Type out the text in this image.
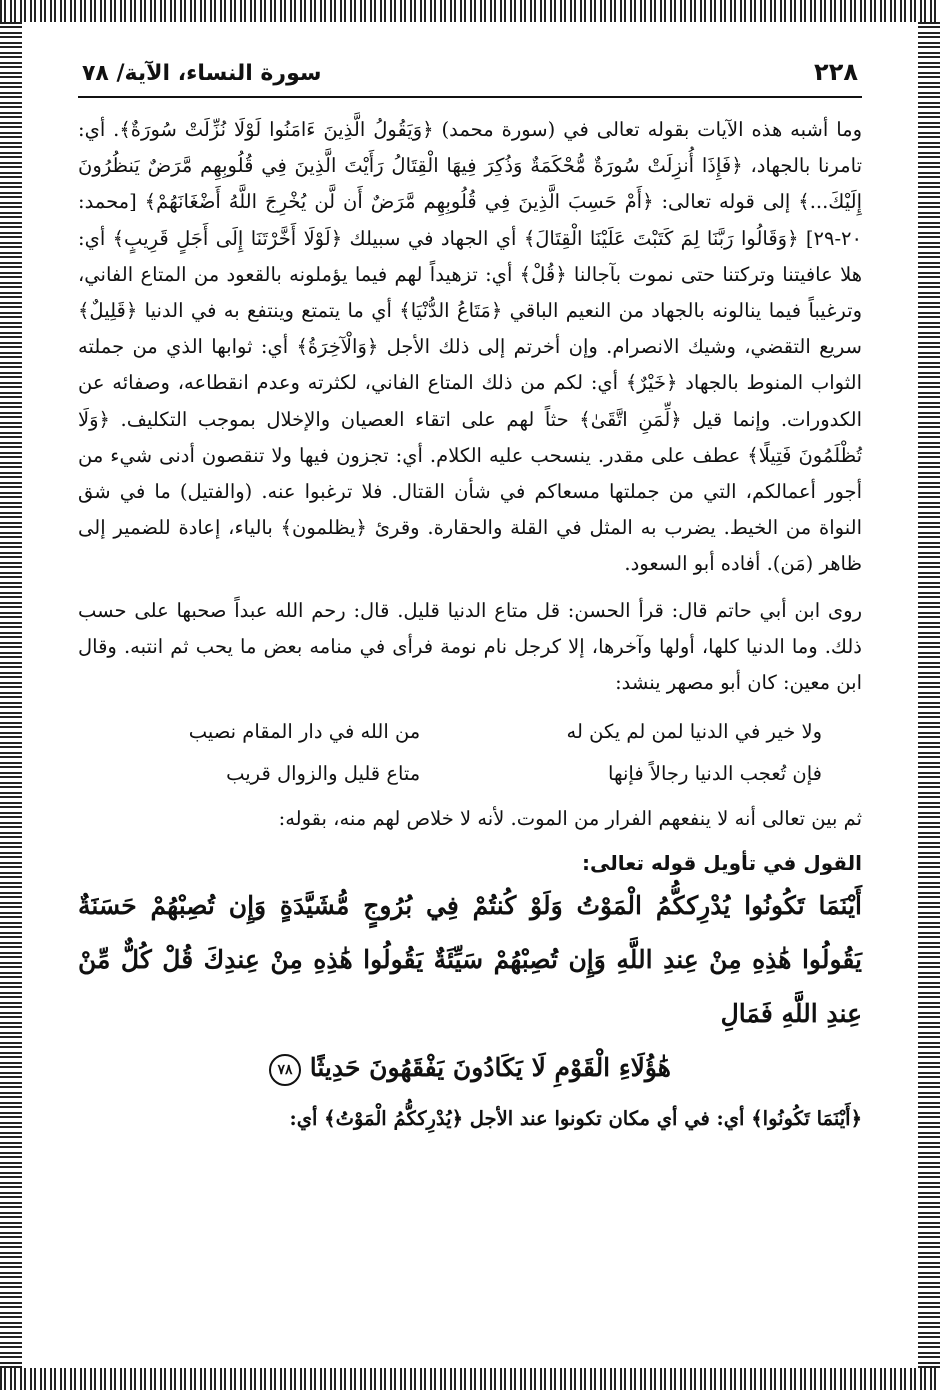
٢٢٨
سورة النساء، الآية/ ٧٨

وما أشبه هذه الآيات بقوله تعالى في (سورة محمد) ﴿وَيَقُولُ الَّذِينَ ءَامَنُوا لَوْلَا نُزِّلَتْ سُورَةٌ﴾. أي: تامرنا بالجهاد، ﴿فَإِذَا أُنزِلَتْ سُورَةٌ مُّحْكَمَةٌ وَذُكِرَ فِيهَا الْقِتَالُ رَأَيْتَ الَّذِينَ فِي قُلُوبِهِم مَّرَضٌ يَنظُرُونَ إِلَيْكَ...﴾ إلى قوله تعالى: ﴿أَمْ حَسِبَ الَّذِينَ فِي قُلُوبِهِم مَّرَضٌ أَن لَّن يُخْرِجَ اللَّهُ أَضْغَانَهُمْ﴾ [محمد: ٢٠-٢٩] ﴿وَقَالُوا رَبَّنَا لِمَ كَتَبْتَ عَلَيْنَا الْقِتَالَ﴾ أي الجهاد في سبيلك ﴿لَوْلَا أَخَّرْتَنَا إِلَى أَجَلٍ قَرِيبٍ﴾ أي: هلا عافيتنا وتركتنا حتى نموت بآجالنا ﴿قُلْ﴾ أي: تزهيداً لهم فيما يؤملونه بالقعود من المتاع الفاني، وترغيباً فيما ينالونه بالجهاد من النعيم الباقي ﴿مَتَاعُ الدُّنْيَا﴾ أي ما يتمتع وينتفع به في الدنيا ﴿قَلِيلٌ﴾ سريع التقضي، وشيك الانصرام. وإن أخرتم إلى ذلك الأجل ﴿وَالْآخِرَةُ﴾ أي: ثوابها الذي من جملته الثواب المنوط بالجهاد ﴿خَيْرٌ﴾ أي: لكم من ذلك المتاع الفاني، لكثرته وعدم انقطاعه، وصفائه عن الكدورات. وإنما قيل ﴿لِّمَنِ اتَّقَىٰ﴾ حثاً لهم على اتقاء العصيان والإخلال بموجب التكليف. ﴿وَلَا تُظْلَمُونَ فَتِيلًا﴾ عطف على مقدر. ينسحب عليه الكلام. أي: تجزون فيها ولا تنقصون أدنى شيء من أجور أعمالكم، التي من جملتها مسعاكم في شأن القتال. فلا ترغبوا عنه. (والفتيل) ما في شق النواة من الخيط. يضرب به المثل في القلة والحقارة. وقرئ ﴿يظلمون﴾ بالياء، إعادة للضمير إلى ظاهر (مَن). أفاده أبو السعود.

روى ابن أبي حاتم قال: قرأ الحسن: قل متاع الدنيا قليل. قال: رحم الله عبداً صحبها على حسب ذلك. وما الدنيا كلها، أولها وآخرها، إلا كرجل نام نومة فرأى في منامه بعض ما يحب ثم انتبه. وقال ابن معين: كان أبو مصهر ينشد:

ولا خير في الدنيا لمن لم يكن له
من الله في دار المقام نصيب
فإن تُعجب الدنيا رجالاً فإنها
متاع قليل والزوال قريب

ثم بين تعالى أنه لا ينفعهم الفرار من الموت. لأنه لا خلاص لهم منه، بقوله:

القول في تأويل قوله تعالى:
أَيْنَمَا تَكُونُوا يُدْرِككُّمُ الْمَوْتُ وَلَوْ كُنتُمْ فِي بُرُوجٍ مُّشَيَّدَةٍ وَإِن تُصِبْهُمْ حَسَنَةٌ يَقُولُوا هَٰذِهِ مِنْ عِندِ اللَّهِ وَإِن تُصِبْهُمْ سَيِّئَةٌ يَقُولُوا هَٰذِهِ مِنْ عِندِكَ قُلْ كُلٌّ مِّنْ عِندِ اللَّهِ فَمَالِ
هَٰؤُلَاءِ الْقَوْمِ لَا يَكَادُونَ يَفْقَهُونَ حَدِيثًا ٧٨
﴿أَيْنَمَا تَكُونُوا﴾ أي: في أي مكان تكونوا عند الأجل ﴿يُدْرِككُّمُ الْمَوْتُ﴾ أي:
